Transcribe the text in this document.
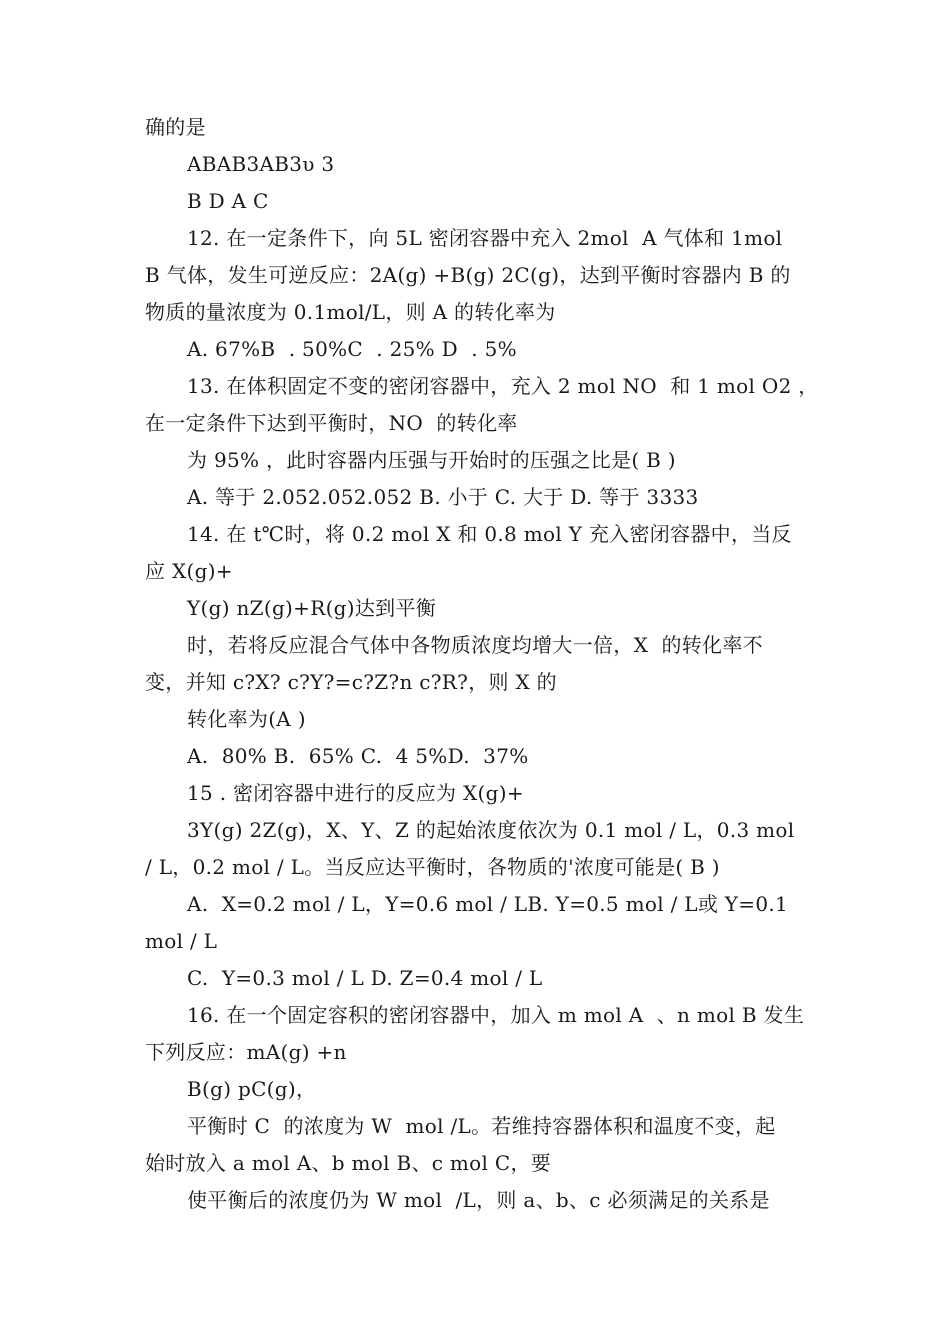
确的是
ABAB3AB3υ 3
B D A C
12. 在一定条件下，向 5L 密闭容器中充入 2mol  A 气体和 1mol
B 气体，发生可逆反应：2A(g) +B(g) 2C(g)，达到平衡时容器内 B 的
物质的量浓度为 0.1mol/L，则 A 的转化率为
A. 67%B  . 50%C  . 25% D  . 5%
13. 在体积固定不变的密闭容器中，充入 2 mol NO  和 1 mol O2 ，
在一定条件下达到平衡时，NO  的转化率
为 95% ，此时容器内压强与开始时的压强之比是( B )
A. 等于 2.052.052.052 B. 小于 C. 大于 D. 等于 3333
14. 在 t℃时，将 0.2 mol X 和 0.8 mol Y 充入密闭容器中，当反
应 X(g)+
Y(g) nZ(g)+R(g)达到平衡
时，若将反应混合气体中各物质浓度均增大一倍，X  的转化率不
变，并知 c?X? c?Y?=c?Z?n c?R?，则 X 的
转化率为(A )
A.  80% B.  65% C.  4 5%D.  37%
15 . 密闭容器中进行的反应为 X(g)+
3Y(g) 2Z(g)，X、Y、Z 的起始浓度依次为 0.1 mol / L，0.3 mol
/ L，0.2 mol / L。当反应达平衡时，各物质的'浓度可能是( B )
A.  X=0.2 mol / L，Y=0.6 mol / LB. Y=0.5 mol / L或 Y=0.1
mol / L
C.  Y=0.3 mol / L D. Z=0.4 mol / L
16. 在一个固定容积的密闭容器中，加入 m mol A  、n mol B 发生
下列反应：mA(g) +n
B(g) pC(g)，
平衡时 C  的浓度为 W  mol /L。若维持容器体积和温度不变，起
始时放入 a mol A、b mol B、c mol C，要
使平衡后的浓度仍为 W mol  /L，则 a、b、c 必须满足的关系是
